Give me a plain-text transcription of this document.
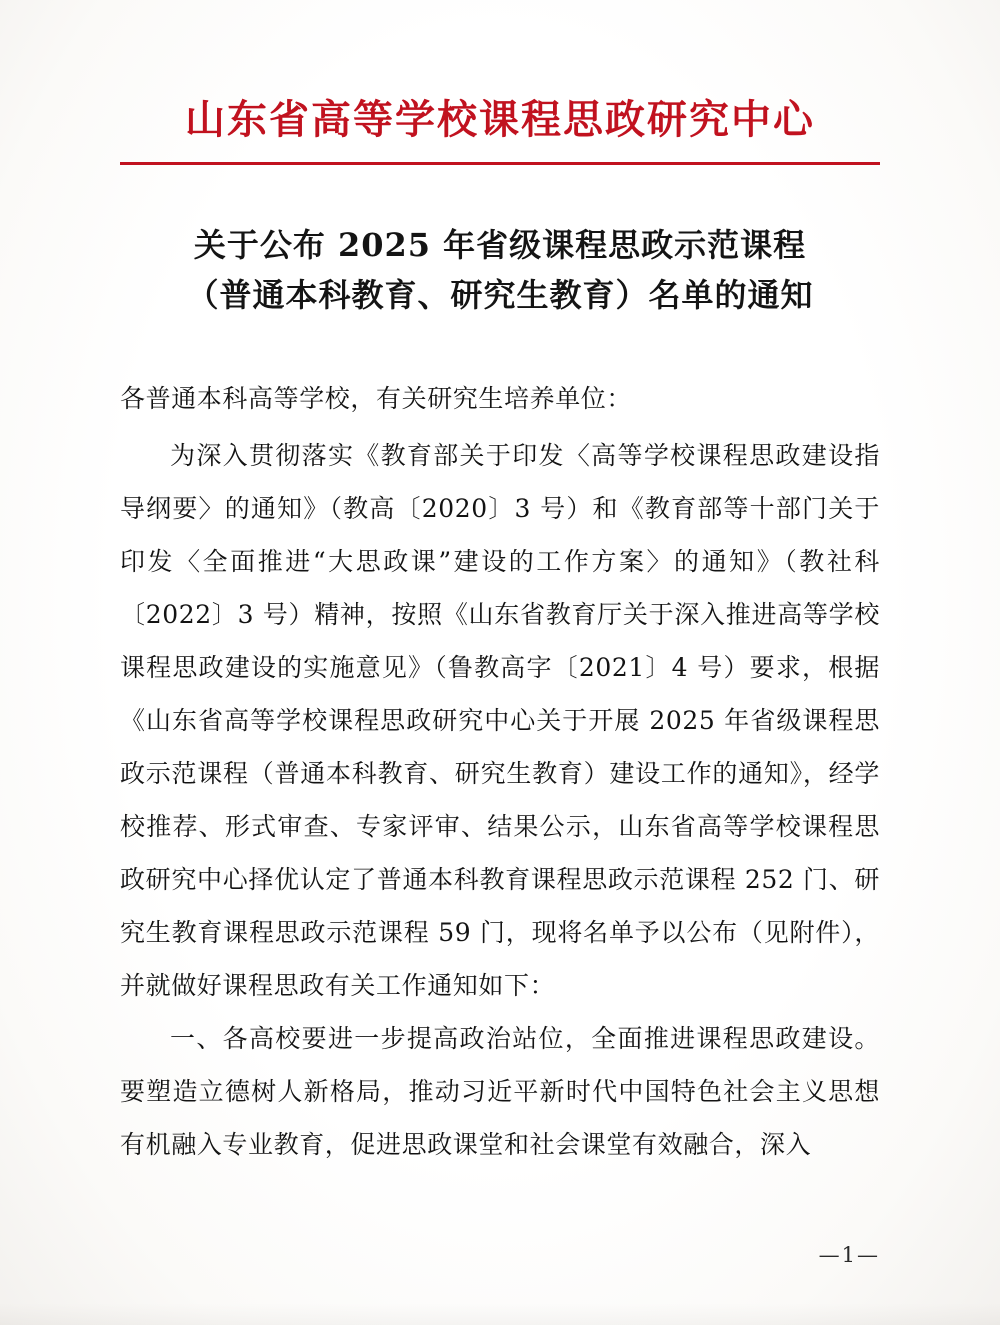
山东省高等学校课程思政研究中心
关于公布 2025 年省级课程思政示范课程
（普通本科教育、研究生教育）名单的通知

各普通本科高等学校，有关研究生培养单位：

为深入贯彻落实《教育部关于印发〈高等学校课程思政建设指导纲要〉的通知》（教高〔2020〕3 号）和《教育部等十部门关于印发〈全面推进“大思政课”建设的工作方案〉的通知》（教社科〔2022〕3 号）精神，按照《山东省教育厅关于深入推进高等学校课程思政建设的实施意见》（鲁教高字〔2021〕4 号）要求，根据《山东省高等学校课程思政研究中心关于开展 2025 年省级课程思政示范课程（普通本科教育、研究生教育）建设工作的通知》，经学校推荐、形式审查、专家评审、结果公示，山东省高等学校课程思政研究中心择优认定了普通本科教育课程思政示范课程 252 门、研究生教育课程思政示范课程 59 门，现将名单予以公布（见附件），并就做好课程思政有关工作通知如下：

一、各高校要进一步提高政治站位，全面推进课程思政建设。要塑造立德树人新格局，推动习近平新时代中国特色社会主义思想有机融入专业教育，促进思政课堂和社会课堂有效融合，深入

—1—
